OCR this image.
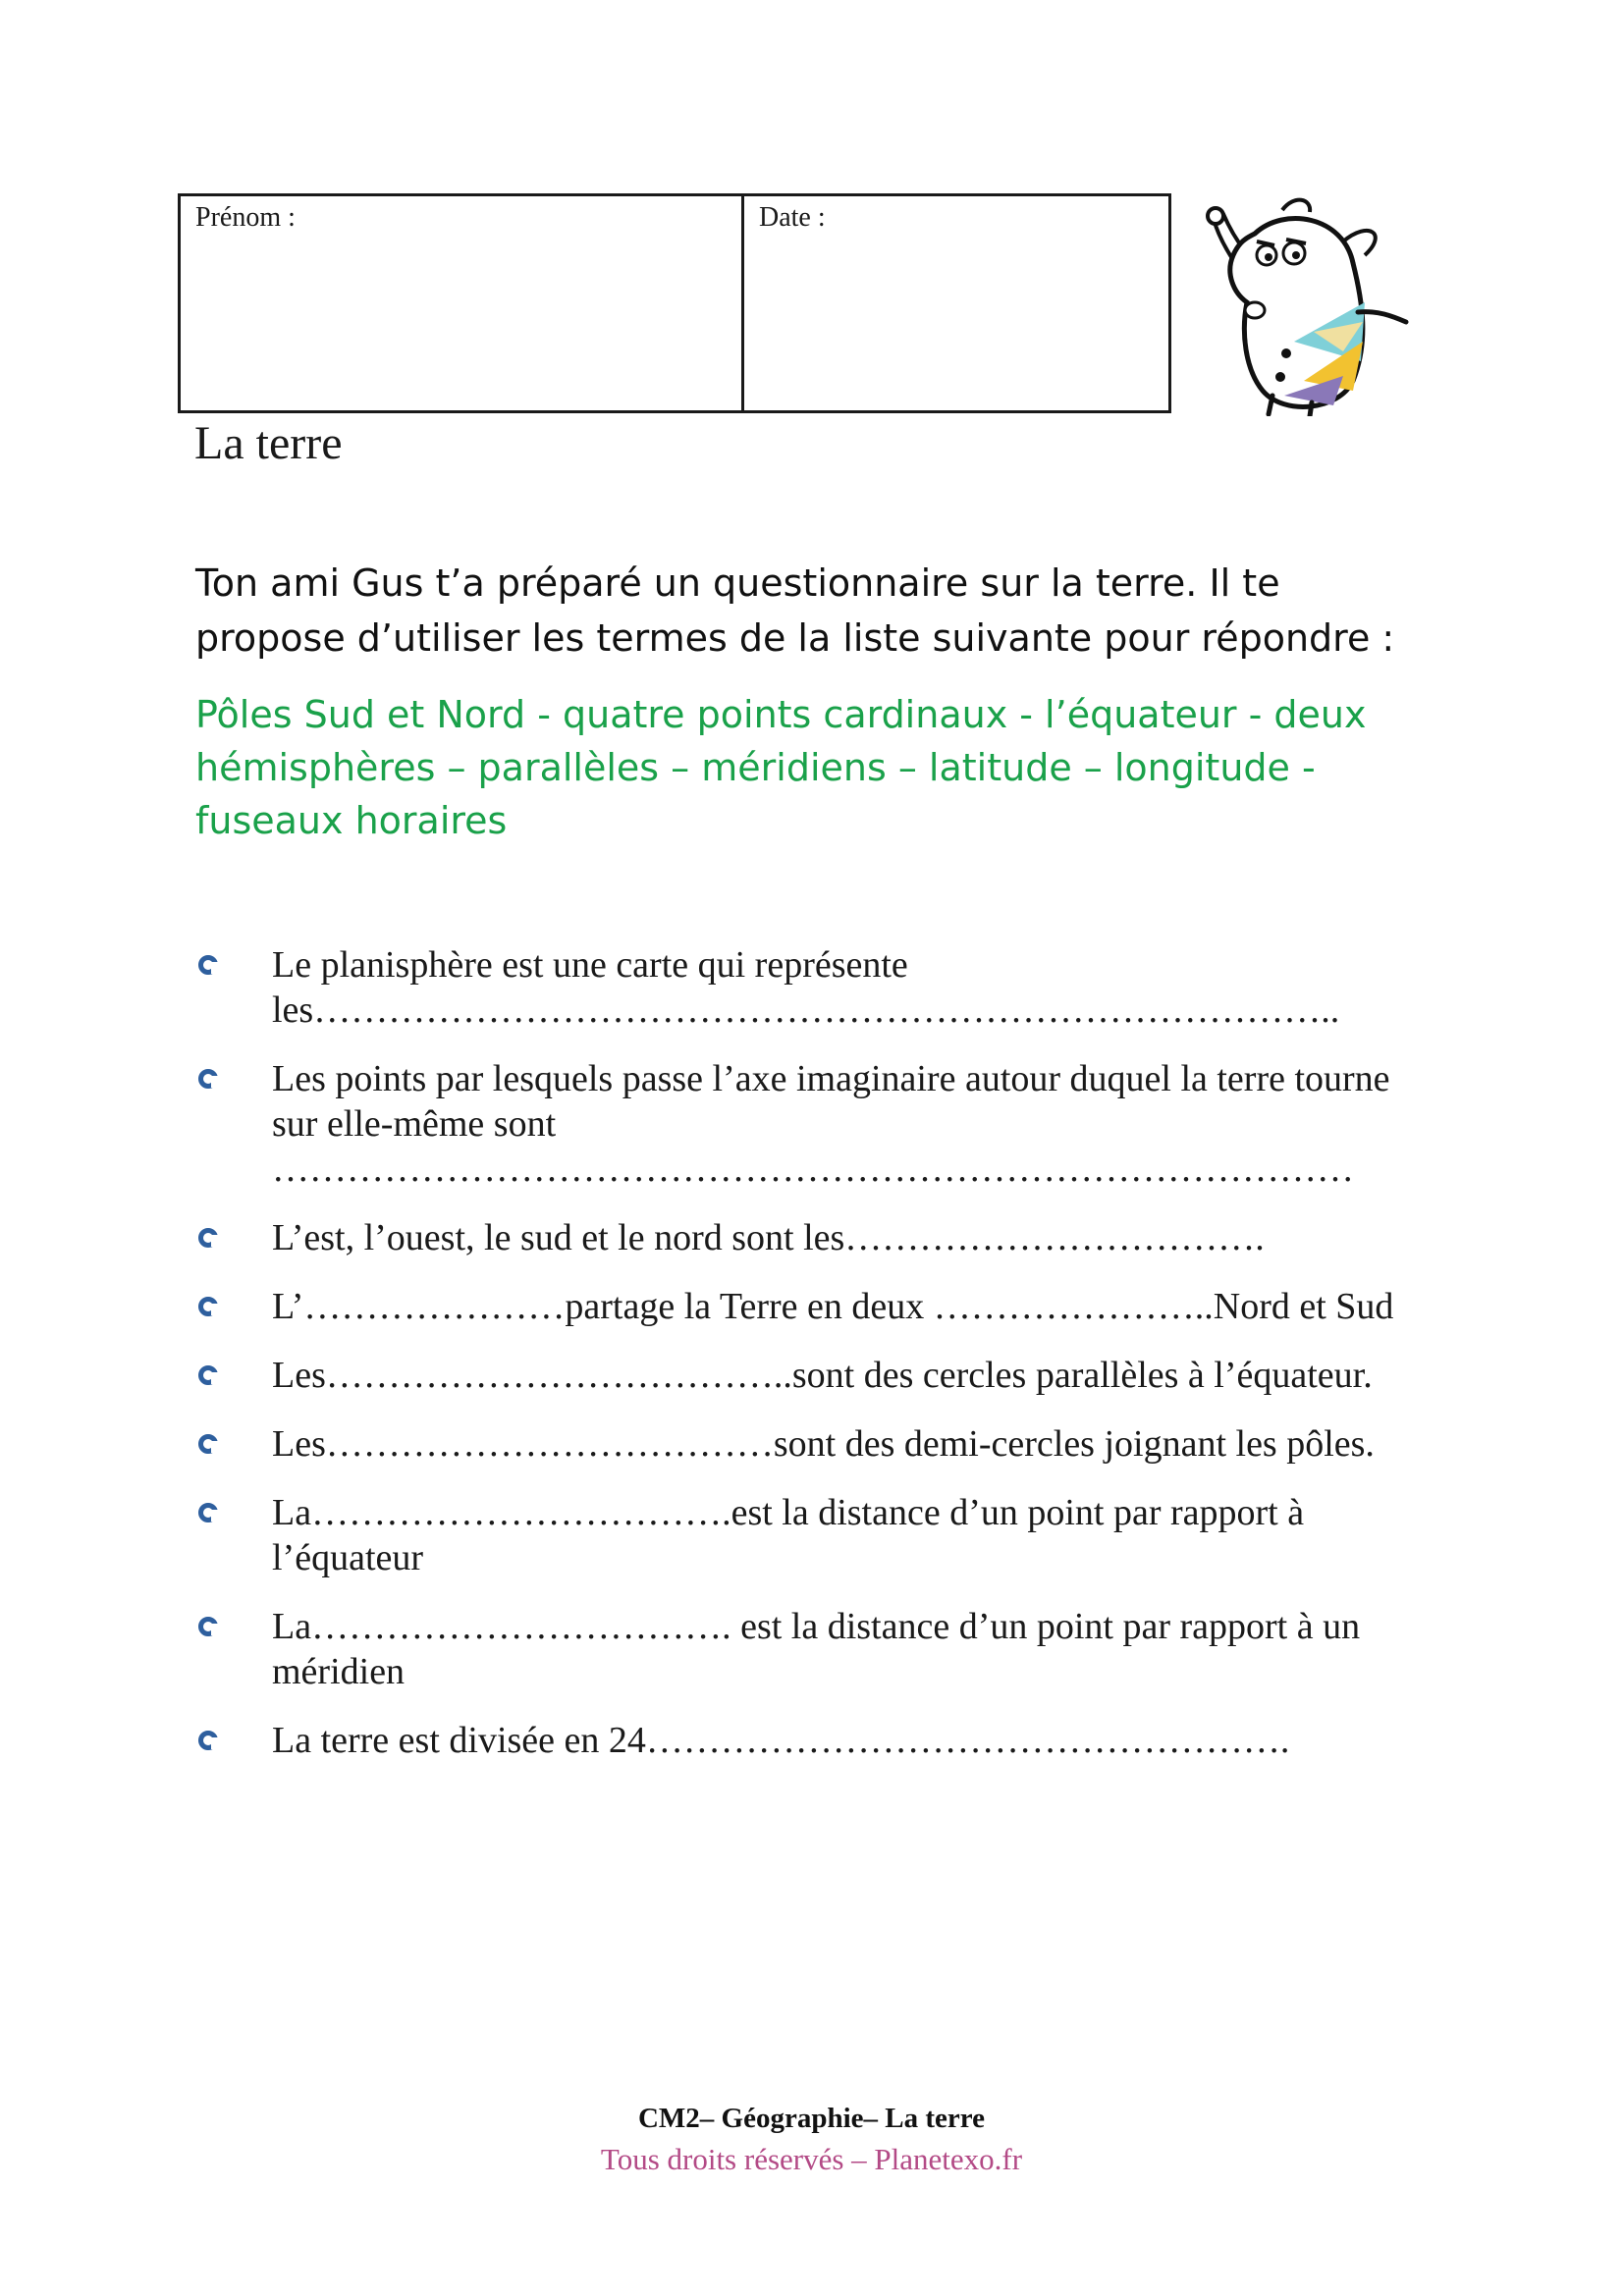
Prénom :	Date :
La terre
Ton ami Gus t’a préparé un questionnaire sur la terre. Il te propose d’utiliser les termes de la liste suivante pour répondre :
Pôles Sud et Nord - quatre points cardinaux - l’équateur - deux hémisphères – parallèles – méridiens – latitude – longitude - fuseaux horaires
Le planisphère est une carte qui représente
les………………………………………………………………………..
Les points par lesquels passe l’axe imaginaire autour duquel la terre tourne sur elle-même sont
……………………………………………………………………………
L’est, l’ouest, le sud et le nord sont les…………………………….
L’…………………partage la Terre en deux …………………..Nord et Sud
Les………………………………..sont des cercles parallèles à l’équateur.
Les………………………………sont des demi-cercles joignant les pôles.
La…………………………….est la distance d’un point par rapport à l’équateur
La……………………………. est la distance d’un point par rapport à un méridien
La terre est divisée en 24…………………………………………….
CM2– Géographie– La terre
Tous droits réservés – Planetexo.fr
